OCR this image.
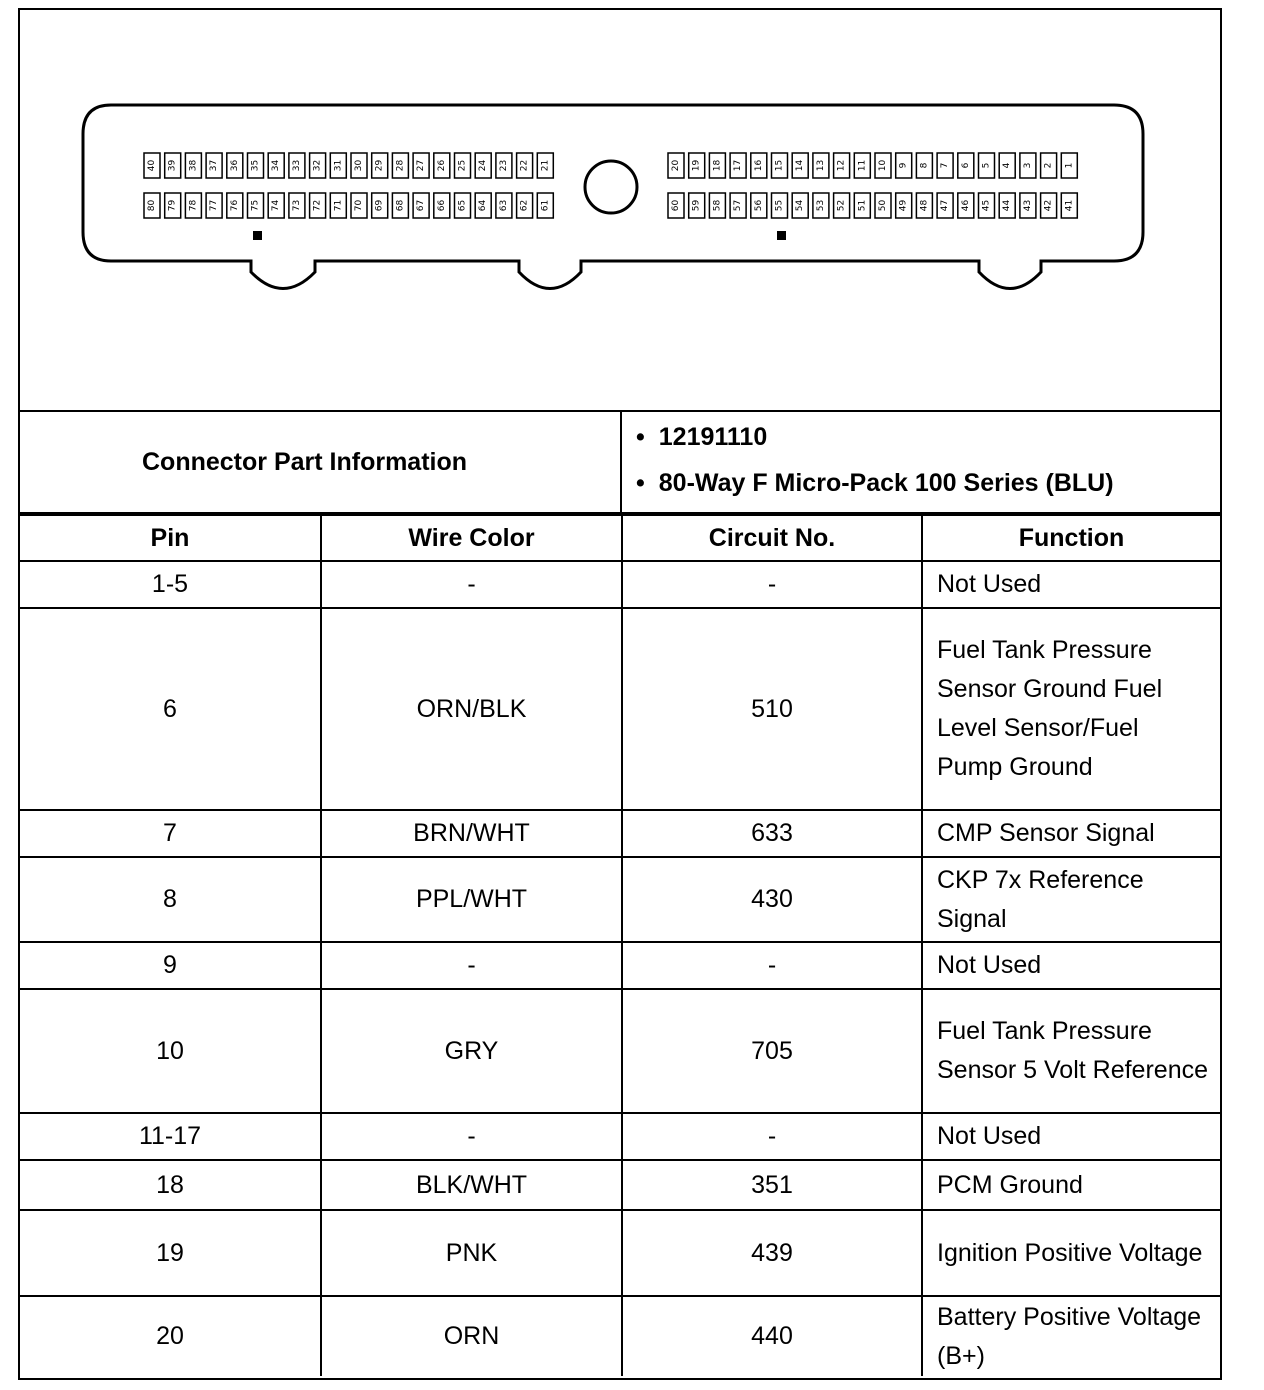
40 39 38 37 36 35 34 33 32 31 30 29 28 27 26 25 24 23 22 21
80 79 78 77 76 75 74 73 72 71 70 69 68 67 66 65 64 63 62 61
20 19 18 17 16 15 14 13 12 11 10 9 8 7 6 5 4 3 2 1
60 59 58 57 56 55 54 53 52 51 50 49 48 47 46 45 44 43 42 41
Connector Part Information
• 12191110
• 80-Way F Micro-Pack 100 Series (BLU)
Pin	Wire Color	Circuit No.	Function
1-5	-	-	Not Used
6	ORN/BLK	510	Fuel Tank Pressure Sensor Ground Fuel Level Sensor/Fuel Pump Ground
7	BRN/WHT	633	CMP Sensor Signal
8	PPL/WHT	430	CKP 7x Reference Signal
9	-	-	Not Used
10	GRY	705	Fuel Tank Pressure Sensor 5 Volt Reference
11-17	-	-	Not Used
18	BLK/WHT	351	PCM Ground
19	PNK	439	Ignition Positive Voltage
20	ORN	440	Battery Positive Voltage (B+)
